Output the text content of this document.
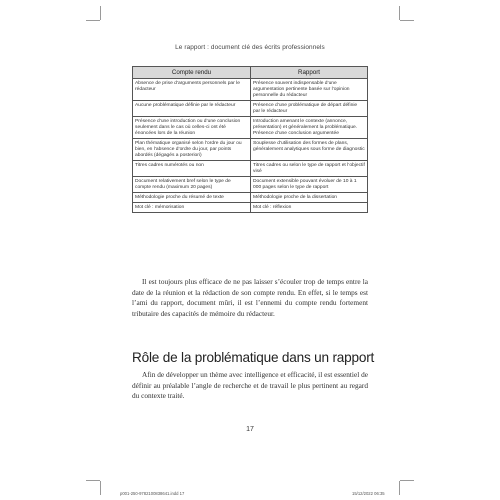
Le rapport : document clé des écrits professionnels
Compte rendu	Rapport
Absence de prise d’arguments personnels par le rédacteur	Présence souvent indispensable d’une argumentation pertinente basée sur l’opinion personnelle du rédacteur
Aucune problématique définie par le rédacteur	Présence d’une problématique de départ définie par le rédacteur
Présence d’une introduction ou d’une conclusion seulement dans le cas où celles-ci ont été énoncées lors de la réunion	Introduction amenant le contexte (annonce, présentation) et généralement la problématique. Présence d’une conclusion argumentée
Plan thématique organisé selon l’ordre du jour ou bien, en l’absence d’ordre du jour, par points abordés (dégagés a posteriori)	Souplesse d’utilisation des formes de plans, généralement analytiques sous forme de diagnostic
Titres cadres numérotés ou non	Titres cadres ou selon le type de rapport et l’objectif visé
Document relativement bref selon le type de compte rendu (maximum 20 pages)	Document extensible pouvant évoluer de 10 à 1 000 pages selon le type de rapport
Méthodologie proche du résumé de texte	Méthodologie proche de la dissertation
Mot clé : mémorisation	Mot clé : réflexion

Il est toujours plus efficace de ne pas laisser s’écouler trop de temps entre la date de la réunion et la rédaction de son compte rendu. En effet, si le temps est l’ami du rapport, document mûri, il est l’ennemi du compte rendu fortement tributaire des capacités de mémoire du rédacteur.

Rôle de la problématique dans un rapport

Afin de développer un thème avec intelligence et efficacité, il est essentiel de définir au préalable l’angle de recherche et de travail le plus pertinent au regard du contexte traité.

17
p001-250-9782100838641.indd 17	15/12/2022 06:35
